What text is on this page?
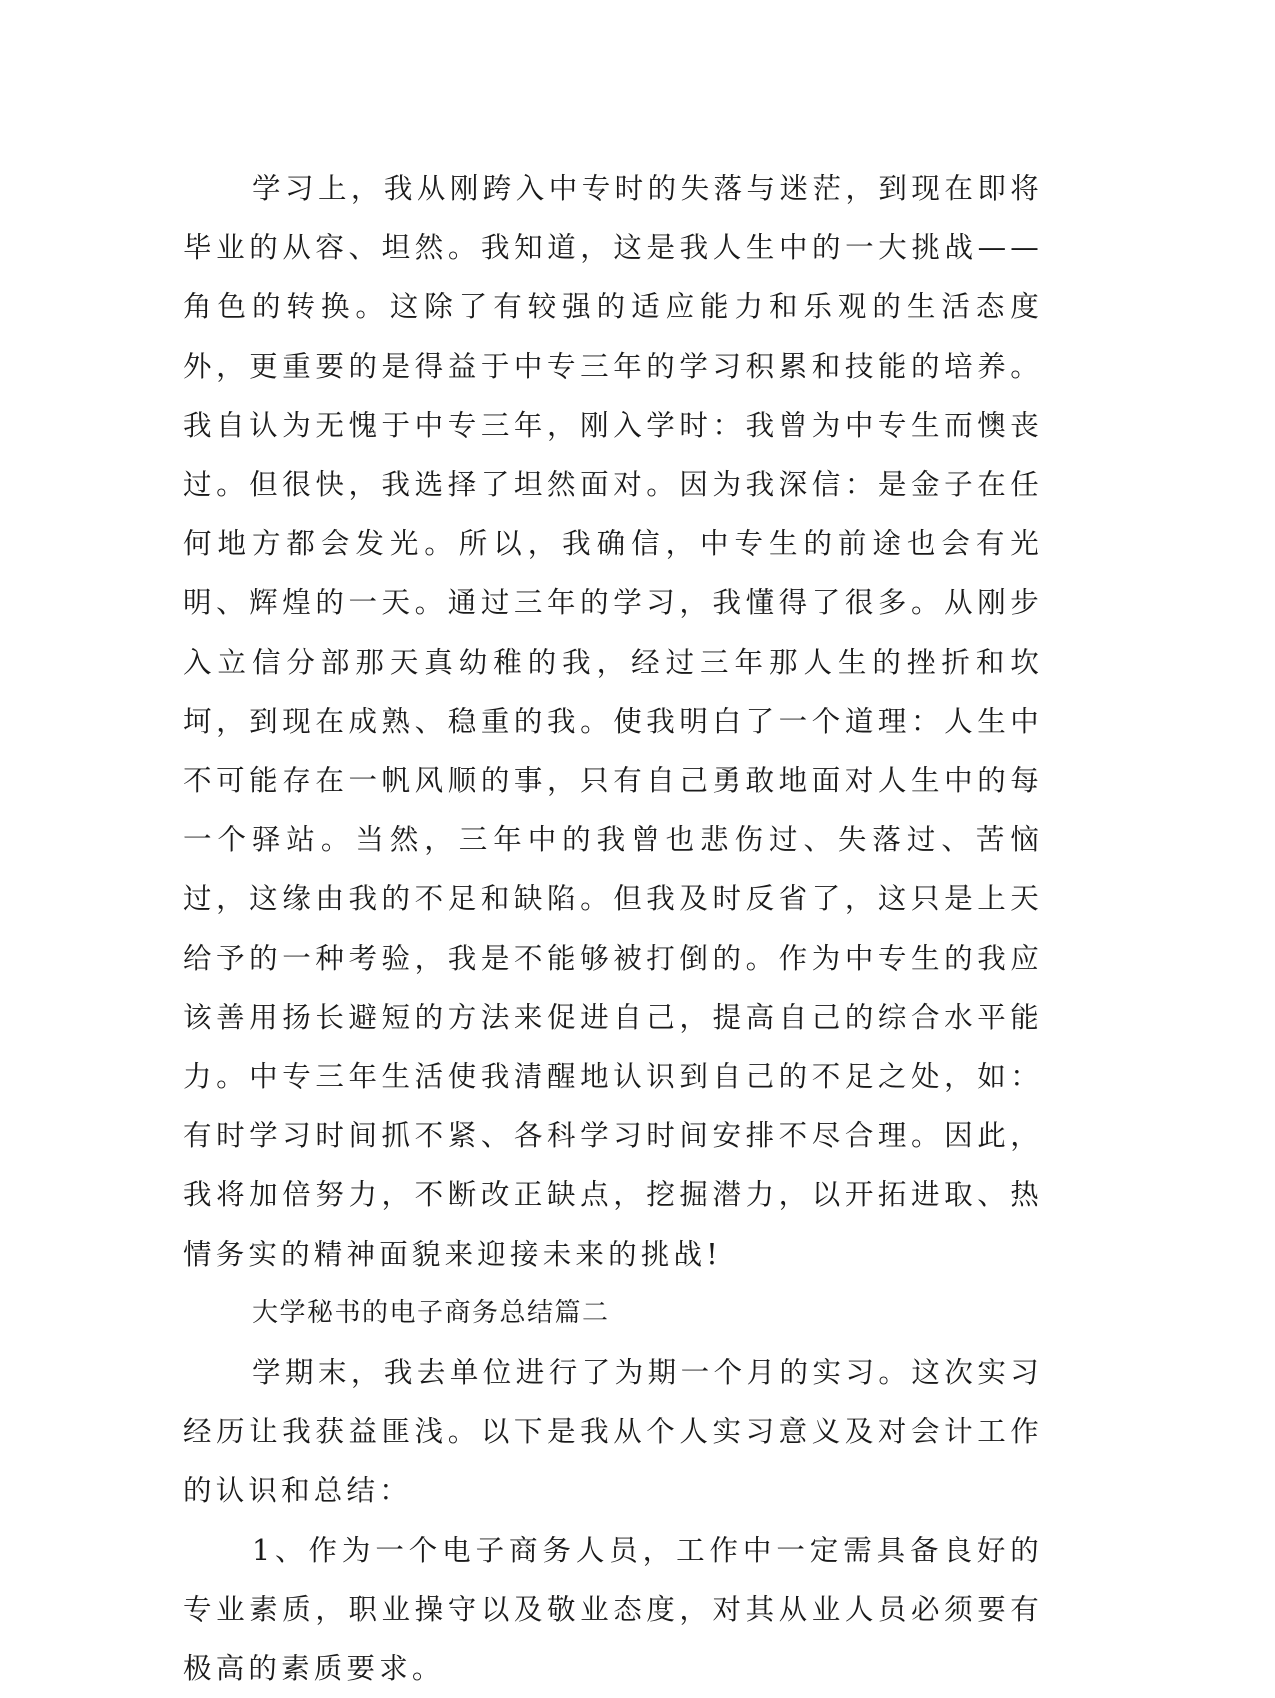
学习上，我从刚跨入中专时的失落与迷茫，到现在即将毕业的从容、坦然。我知道，这是我人生中的一大挑战——角色的转换。这除了有较强的适应能力和乐观的生活态度外，更重要的是得益于中专三年的学习积累和技能的培养。我自认为无愧于中专三年，刚入学时：我曾为中专生而懊丧过。但很快，我选择了坦然面对。因为我深信：是金子在任何地方都会发光。所以，我确信，中专生的前途也会有光明、辉煌的一天。通过三年的学习，我懂得了很多。从刚步入立信分部那天真幼稚的我，经过三年那人生的挫折和坎坷，到现在成熟、稳重的我。使我明白了一个道理：人生中不可能存在一帆风顺的事，只有自己勇敢地面对人生中的每一个驿站。当然，三年中的我曾也悲伤过、失落过、苦恼过，这缘由我的不足和缺陷。但我及时反省了，这只是上天给予的一种考验，我是不能够被打倒的。作为中专生的我应该善用扬长避短的方法来促进自己，提高自己的综合水平能力。中专三年生活使我清醒地认识到自己的不足之处，如：有时学习时间抓不紧、各科学习时间安排不尽合理。因此，我将加倍努力，不断改正缺点，挖掘潜力，以开拓进取、热情务实的精神面貌来迎接未来的挑战!

大学秘书的电子商务总结篇二

学期末，我去单位进行了为期一个月的实习。这次实习经历让我获益匪浅。以下是我从个人实习意义及对会计工作的认识和总结：

1、作为一个电子商务人员，工作中一定需具备良好的专业素质，职业操守以及敬业态度，对其从业人员必须要有极高的素质要求。
